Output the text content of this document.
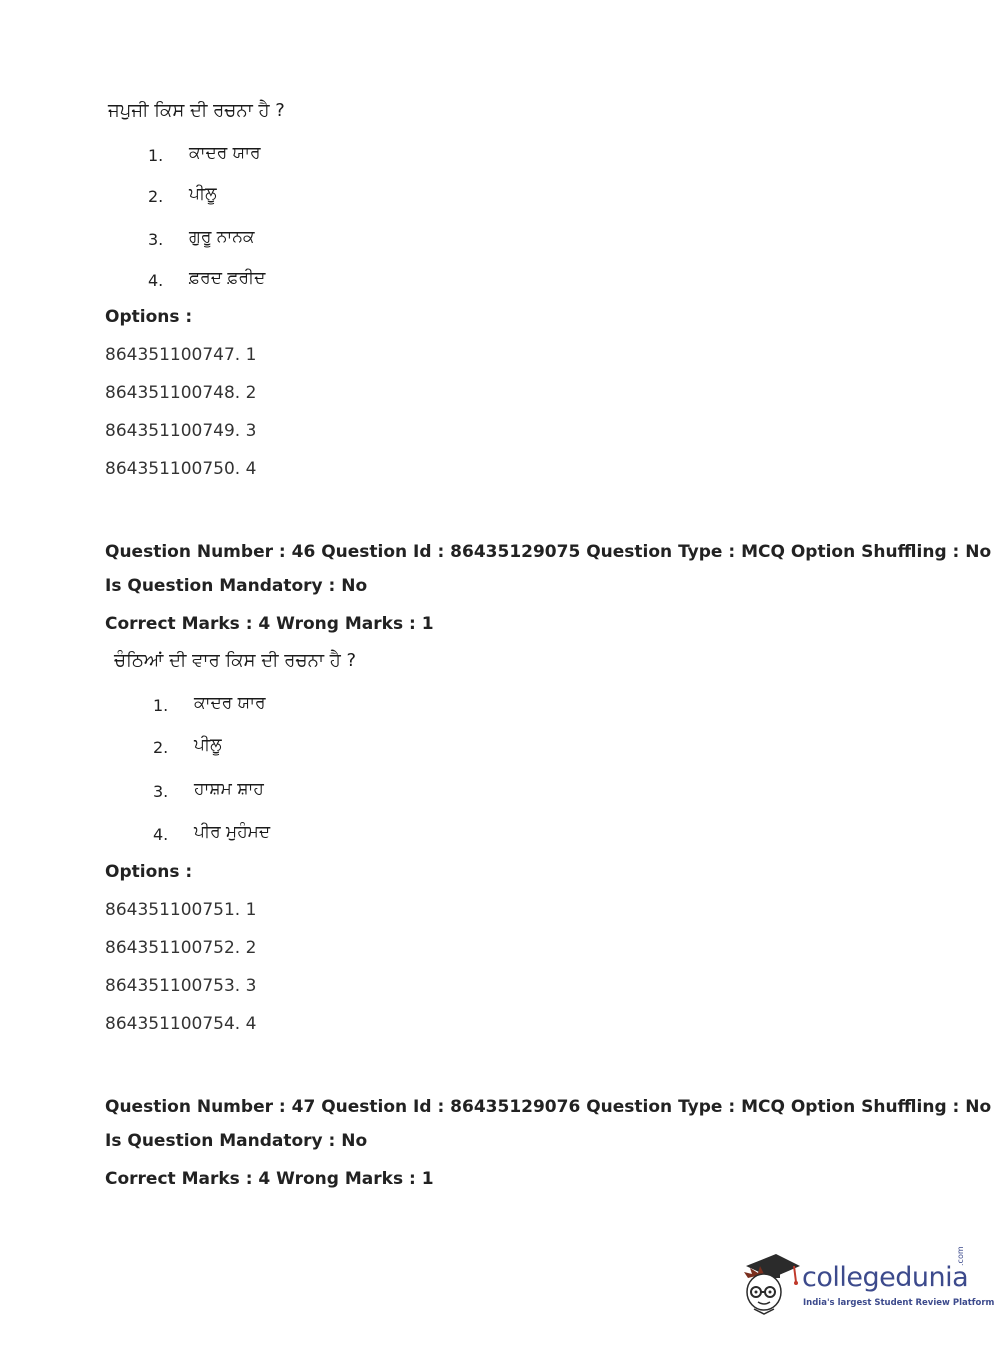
ਜਪੁਜੀ ਕਿਸ ਦੀ ਰਚਨਾ ਹੈ ?
1. ਕਾਦਰ ਯਾਰ
2. ਪੀਲੂ
3. ਗੁਰੂ ਨਾਨਕ
4. ਫ਼ਰਦ ਫ਼ਰੀਦ
Options :
864351100747. 1
864351100748. 2
864351100749. 3
864351100750. 4
Question Number : 46 Question Id : 86435129075 Question Type : MCQ Option Shuffling : No
Is Question Mandatory : No
Correct Marks : 4 Wrong Marks : 1
ਚੰਠਿਆਂ ਦੀ ਵਾਰ ਕਿਸ ਦੀ ਰਚਨਾ ਹੈ ?
1. ਕਾਦਰ ਯਾਰ
2. ਪੀਲੂ
3. ਹਾਸ਼ਮ ਸ਼ਾਹ
4. ਪੀਰ ਮੁਹੰਮਦ
Options :
864351100751. 1
864351100752. 2
864351100753. 3
864351100754. 4
Question Number : 47 Question Id : 86435129076 Question Type : MCQ Option Shuffling : No
Is Question Mandatory : No
Correct Marks : 4 Wrong Marks : 1
collegedunia
.com
India's largest Student Review Platform
